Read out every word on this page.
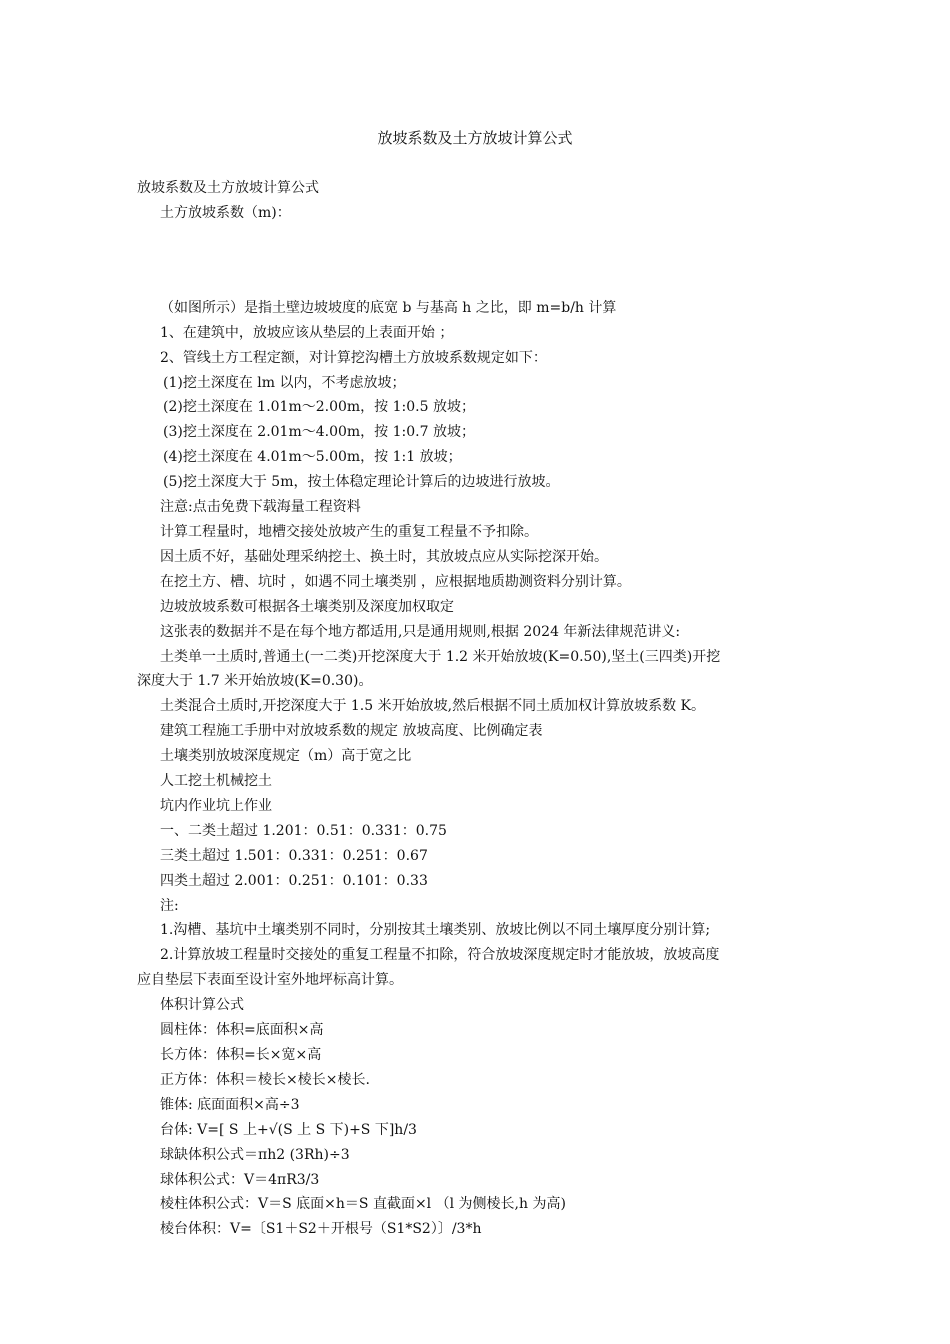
放坡系数及土方放坡计算公式
放坡系数及土方放坡计算公式
土方放坡系数（m)：
（如图所示）是指土壁边坡坡度的底宽 b 与基高 h 之比，即 m=b/h 计算
1、在建筑中，放坡应该从垫层的上表面开始 ；
2、管线土方工程定额，对计算挖沟槽土方放坡系数规定如下：
(1)挖土深度在 lm 以内，不考虑放坡；
(2)挖土深度在 1.01m～2.00m，按 1:0.5 放坡；
(3)挖土深度在 2.01m～4.00m，按 1:0.7 放坡；
(4)挖土深度在 4.01m～5.00m，按 1:1 放坡；
(5)挖土深度大于 5m，按土体稳定理论计算后的边坡进行放坡。
注意:点击免费下载海量工程资料
计算工程量时，地槽交接处放坡产生的重复工程量不予扣除。
因土质不好，基础处理采纳挖土、换土时，其放坡点应从实际挖深开始。
在挖土方、槽、坑时 ，如遇不同土壤类别 ，应根据地质勘测资料分别计算。
边坡放坡系数可根据各土壤类别及深度加权取定
这张表的数据并不是在每个地方都适用,只是通用规则,根据 2024 年新法律规范讲义:
土类单一土质时,普通土(一二类)开挖深度大于 1.2 米开始放坡(K=0.50),坚土(三四类)开挖
深度大于 1.7 米开始放坡(K=0.30)。
土类混合土质时,开挖深度大于 1.5 米开始放坡,然后根据不同土质加权计算放坡系数 K。
建筑工程施工手册中对放坡系数的规定 放坡高度、比例确定表
土壤类别放坡深度规定（m）高于宽之比
人工挖土机械挖土
坑内作业坑上作业
一、二类土超过 1.201：0.51：0.331：0.75
三类土超过 1.501：0.331：0.251：0.67
四类土超过 2.001：0.251：0.101：0.33
注:
1.沟槽、基坑中土壤类别不同时，分别按其土壤类别、放坡比例以不同土壤厚度分别计算;
2.计算放坡工程量时交接处的重复工程量不扣除，符合放坡深度规定时才能放坡，放坡高度
应自垫层下表面至设计室外地坪标高计算。
体积计算公式
圆柱体：体积=底面积×高
长方体：体积=长×宽×高
正方体：体积＝棱长×棱长×棱长.
锥体: 底面面积×高÷3
台体: V=[ S 上+√(S 上 S 下)+S 下]h/3
球缺体积公式＝πh2 (3Rh)÷3
球体积公式：V＝4πR3/3
棱柱体积公式：V＝S 底面×h＝S 直截面×l （l 为侧棱长,h 为高)
棱台体积：V=〔S1＋S2＋开根号（S1*S2）〕/3*h
